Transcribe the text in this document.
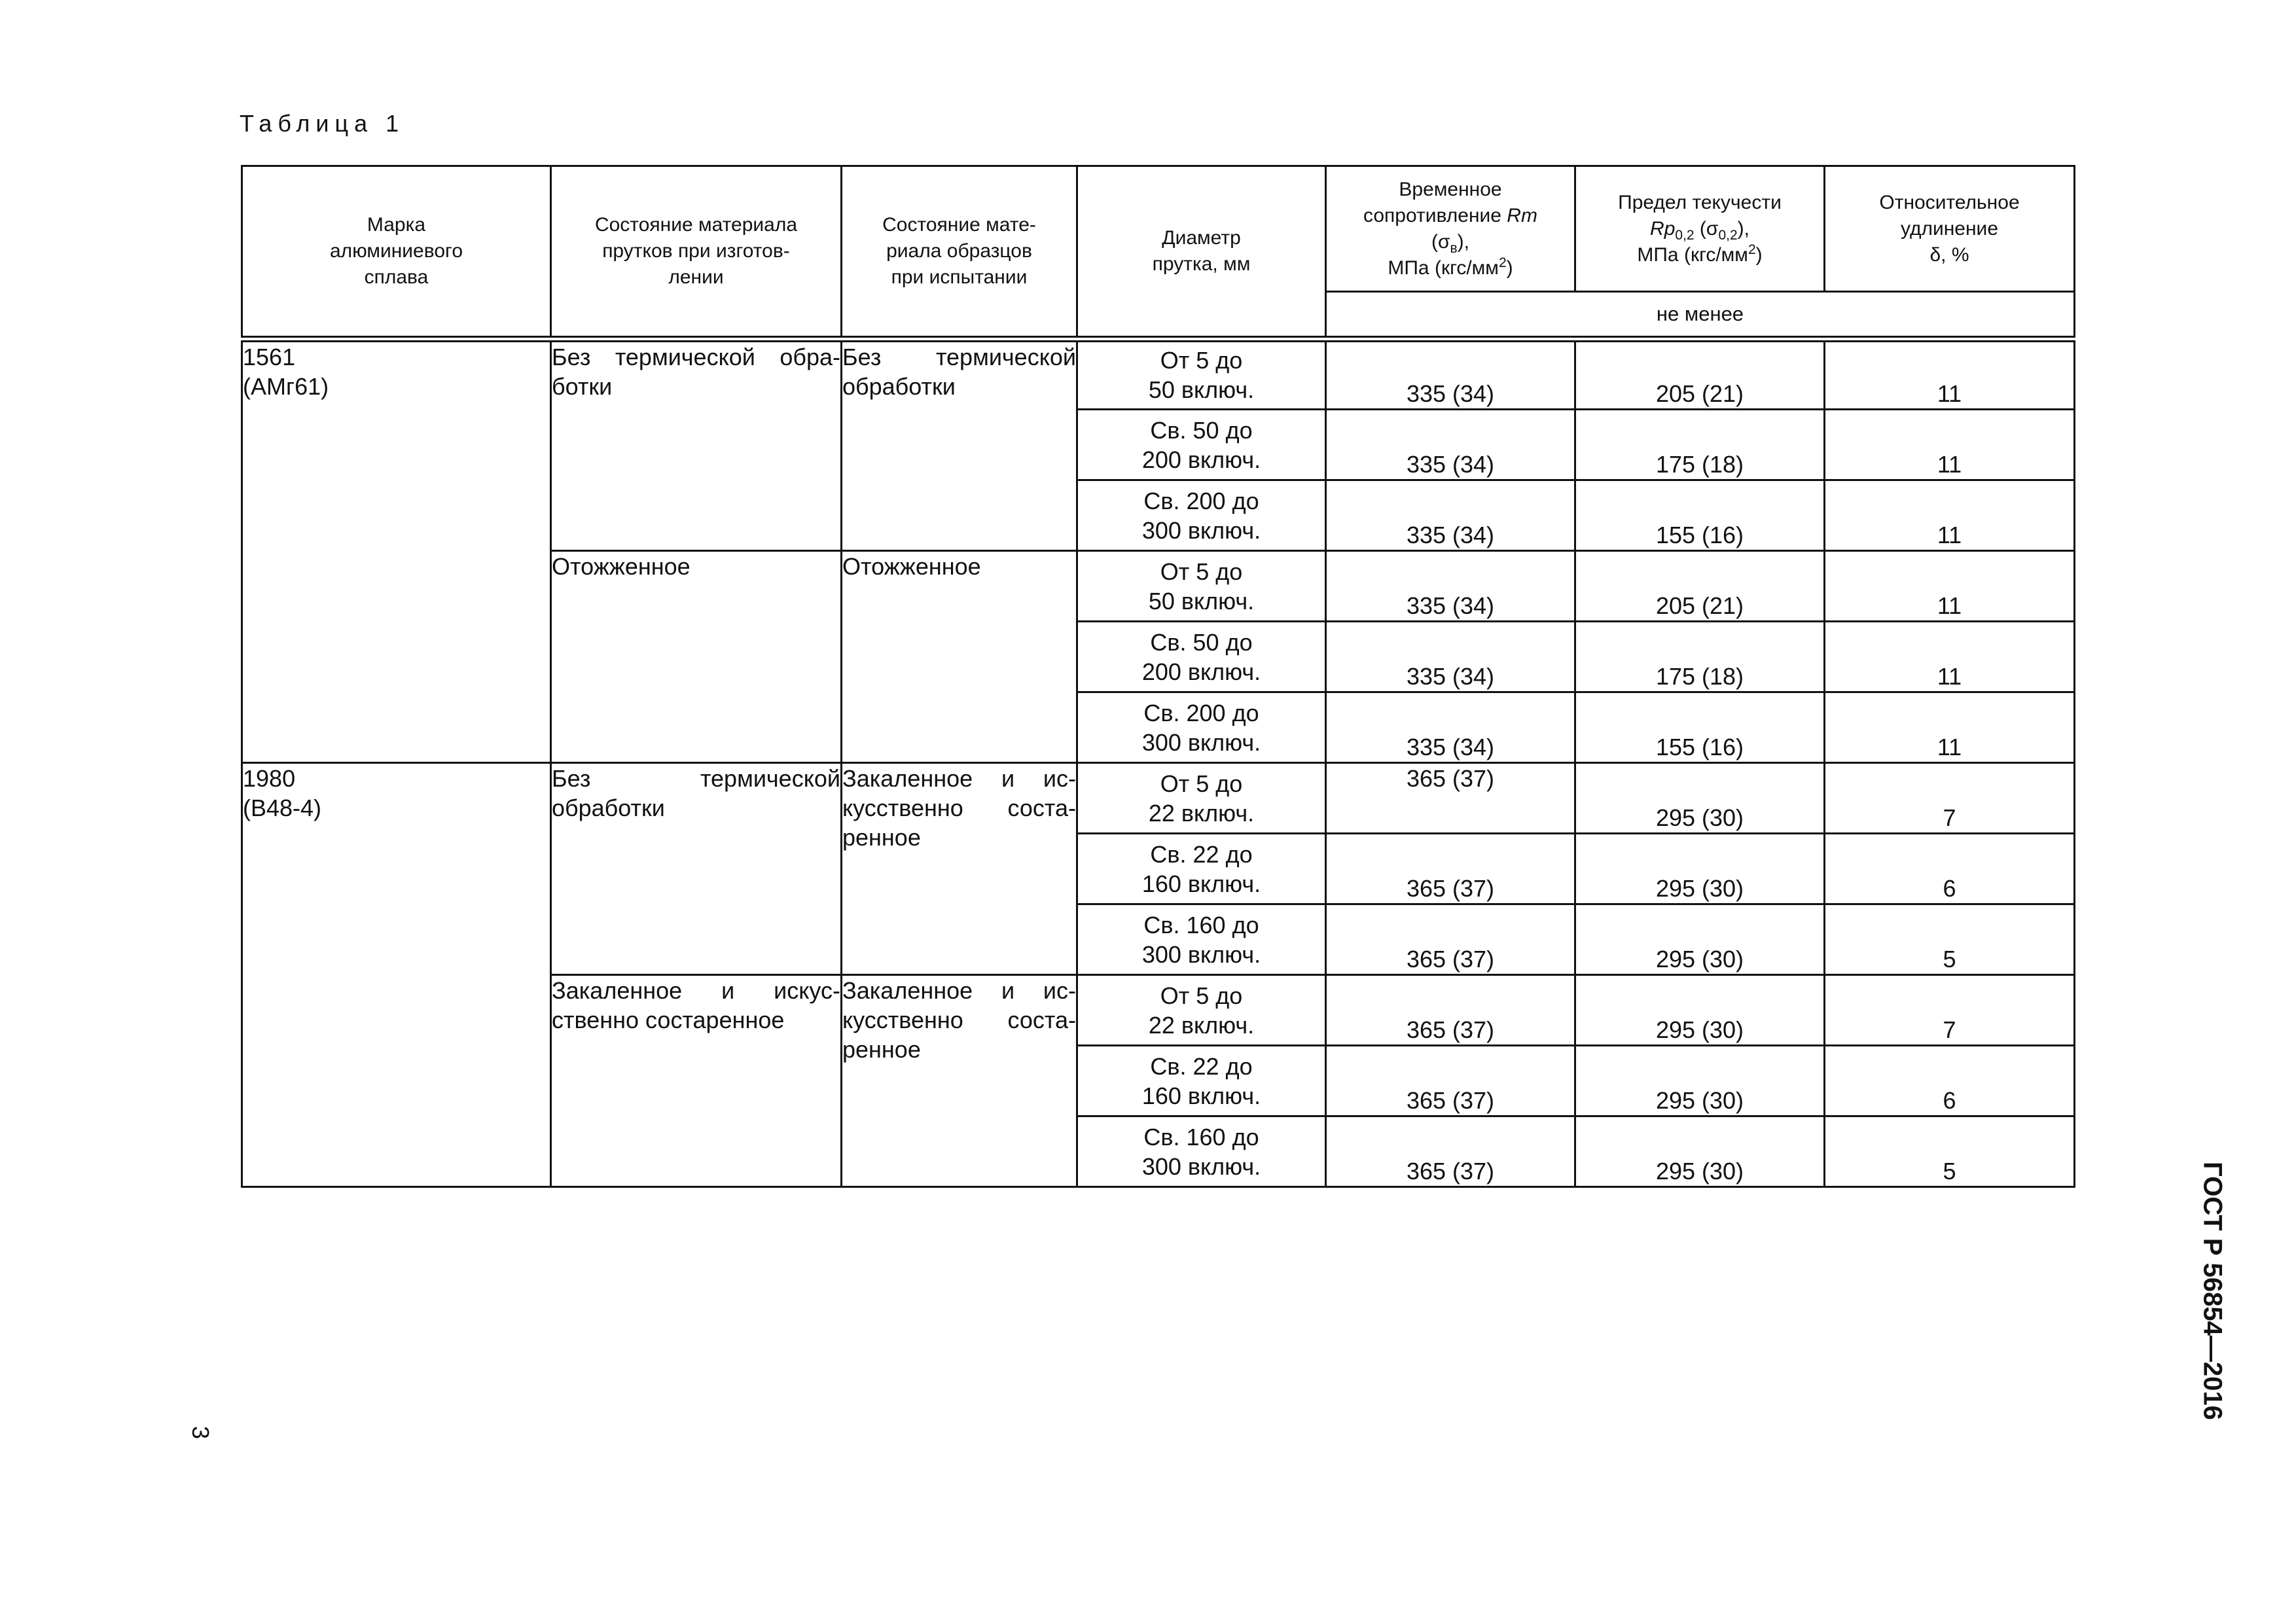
Таблица 1

Марка алюминиевого сплава	Состояние материала прутков при изготов-лении	Состояние мате-риала образцов при испытании	Диаметр прутка, мм	Временное
сопротивление Rm
$(\sigma_в)$,
МПа $(кгс/мм^2)$	Предел текучести
$Rp_{0,2}$ $(\sigma_{0,2})$,
МПа $(кгс/мм^2)$	Относительное
удлинение
δ, %

				не менее		

1561
(АМг61)	Без термической обра-ботки	Без термической обработки	От 5 до
50 включ.	335 (34)	205 (21)	11

			Св. 50 до
200 включ.	335 (34)	175 (18)	11

			Св. 200 до
300 включ.	335 (34)	155 (16)	11
	Отожженное	Отожженное	От 5 до
50 включ.	335 (34)	205 (21)	11

			Св. 50 до
200 включ.	335 (34)	175 (18)	11

			Св. 200 до
300 включ.	335 (34)	155 (16)	11

1980
(В48-4)	Без термической обработки	Закаленное и ис-кусственно соста-ренное	От 5 до
22 включ.	365 (37)	295 (30)	7

			Св. 22 до
160 включ.	365 (37)	295 (30)	6

			Св. 160 до
300 включ.	365 (37)	295 (30)	5
	Закаленное и искус-ственно состаренное	Закаленное и ис-кусственно соста-ренное	От 5 до
22 включ.	365 (37)	295 (30)	7

			Св. 22 до
160 включ.	365 (37)	295 (30)	6

			Св. 160 до
300 включ.	365 (37)	295 (30)	5
3
ГОСТ Р 56854—2016
